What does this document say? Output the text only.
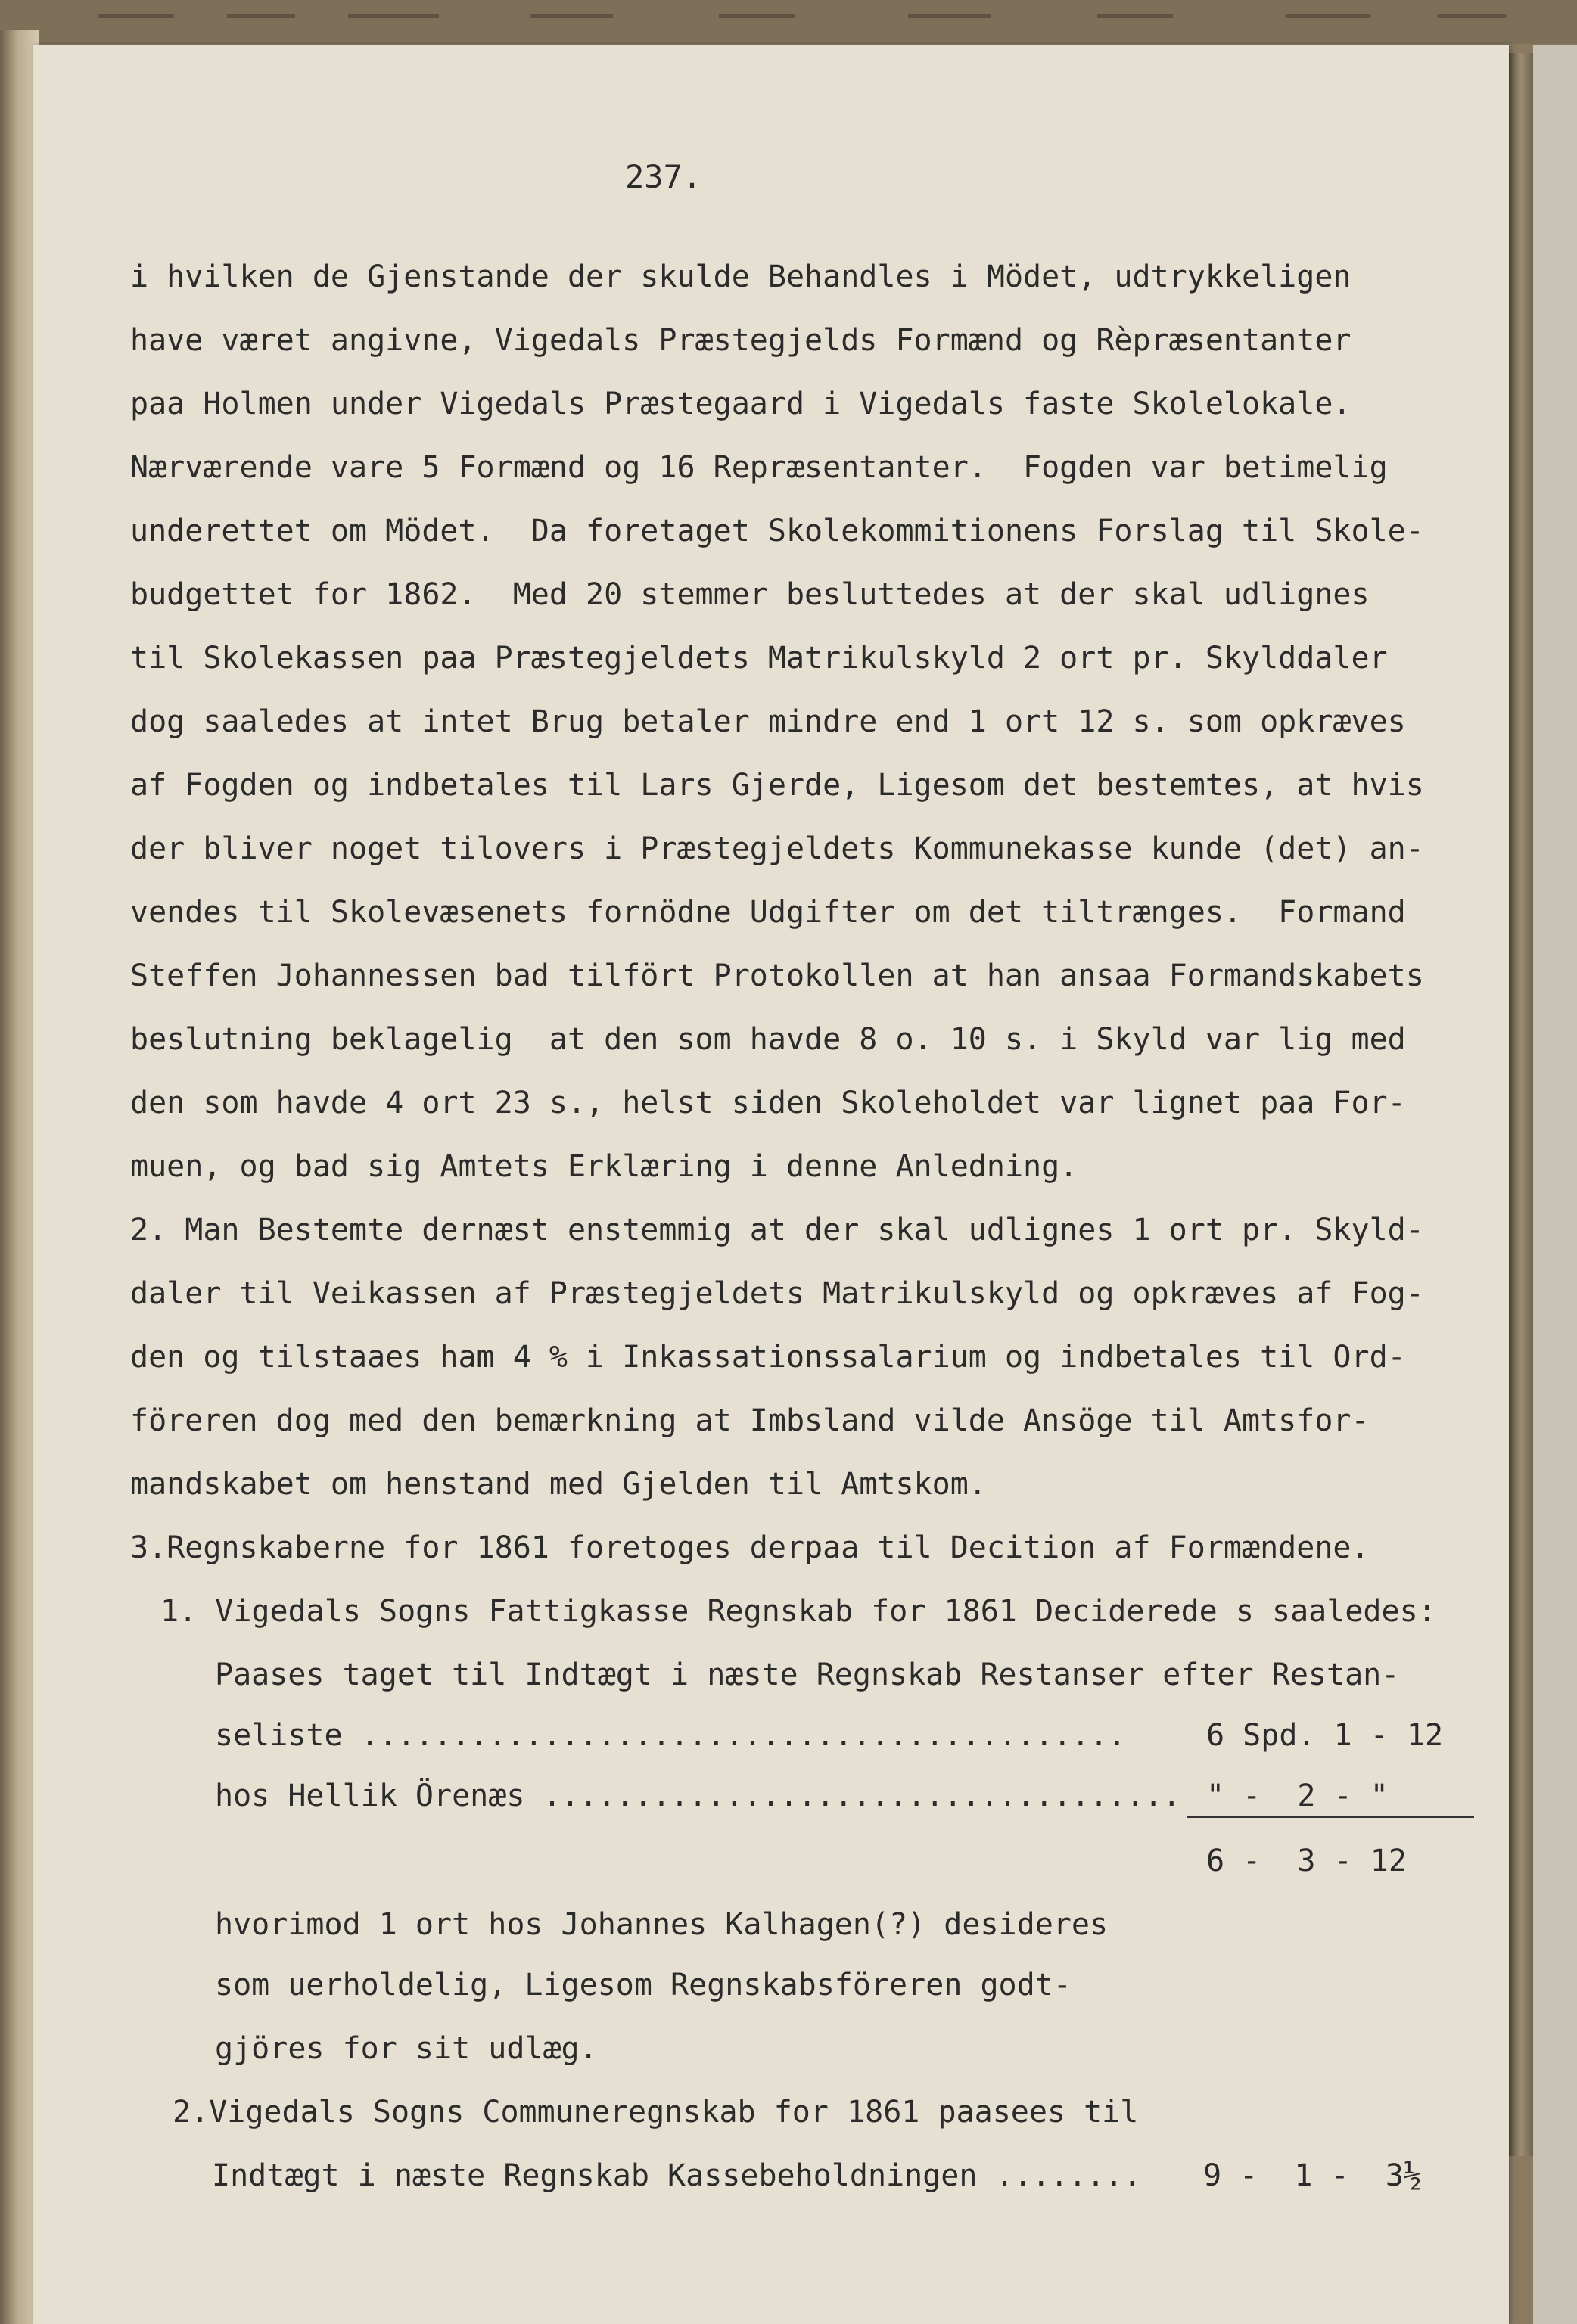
237.
i hvilken de Gjenstande der skulde Behandles i Mödet, udtrykkeligen
have været angivne, Vigedals Præstegjelds Formænd og Rèpræsentanter
paa Holmen under Vigedals Præstegaard i Vigedals faste Skolelokale.
Nærværende vare 5 Formænd og 16 Repræsentanter.  Fogden var betimelig
underettet om Mödet.  Da foretaget Skolekommitionens Forslag til Skole-
budgettet for 1862.  Med 20 stemmer besluttedes at der skal udlignes
til Skolekassen paa Præstegjeldets Matrikulskyld 2 ort pr. Skylddaler
dog saaledes at intet Brug betaler mindre end 1 ort 12 s. som opkræves
af Fogden og indbetales til Lars Gjerde, Ligesom det bestemtes, at hvis
der bliver noget tilovers i Præstegjeldets Kommunekasse kunde (det) an-
vendes til Skolevæsenets fornödne Udgifter om det tiltrænges.  Formand
Steffen Johannessen bad tilfört Protokollen at han ansaa Formandskabets
beslutning beklagelig  at den som havde 8 o. 10 s. i Skyld var lig med
den som havde 4 ort 23 s., helst siden Skoleholdet var lignet paa For-
muen, og bad sig Amtets Erklæring i denne Anledning.
2. Man Bestemte dernæst enstemmig at der skal udlignes 1 ort pr. Skyld-
daler til Veikassen af Præstegjeldets Matrikulskyld og opkræves af Fog-
den og tilstaaes ham 4 % i Inkassationssalarium og indbetales til Ord-
föreren dog med den bemærkning at Imbsland vilde Ansöge til Amtsfor-
mandskabet om henstand med Gjelden til Amtskom.
3.Regnskaberne for 1861 foretoges derpaa til Decition af Formændene.
1. Vigedals Sogns Fattigkasse Regnskab for 1861 Deciderede s saaledes:
Paases taget til Indtægt i næste Regnskab Restanser efter Restan-
seliste ..........................................	6 Spd. 1 - 12
hos Hellik Örenæs ................................... " -  2 - "
6 -  3 - 12
hvorimod 1 ort hos Johannes Kalhagen(?) desideres
som uerholdelig, Ligesom Regnskabsföreren godt-
gjöres for sit udlæg.
2.Vigedals Sogns Communeregnskab for 1861 paasees til
Indtægt i næste Regnskab Kassebeholdningen ........ 9 -  1 -  3½
